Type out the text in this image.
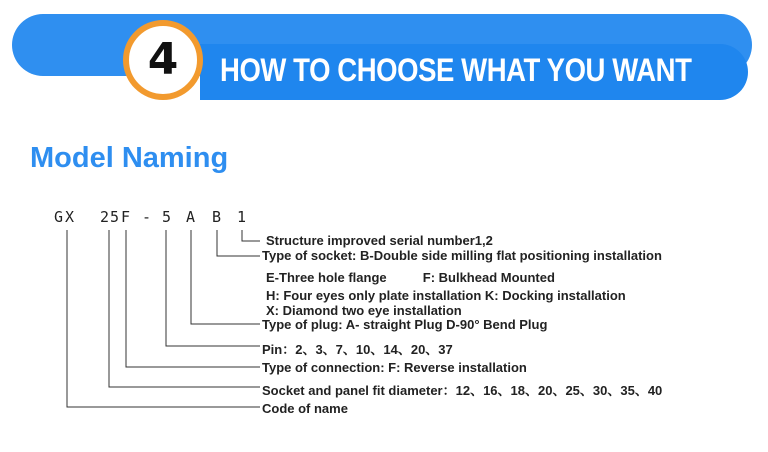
4 HOW TO CHOOSE WHAT YOU WANT
Model Naming
G X 2 5 F - 5 A B 1
Structure improved serial number1,2
Type of socket: B-Double side milling flat positioning installation
E-Three hole flange          F: Bulkhead Mounted
H: Four eyes only plate installation K: Docking installation
X: Diamond two eye installation
Type of plug: A- straight Plug D-90° Bend Plug
Pin：2、3、7、10、14、20、37
Type of connection: F: Reverse installation
Socket and panel fit diameter：12、16、18、20、25、30、35、40
Code of name
